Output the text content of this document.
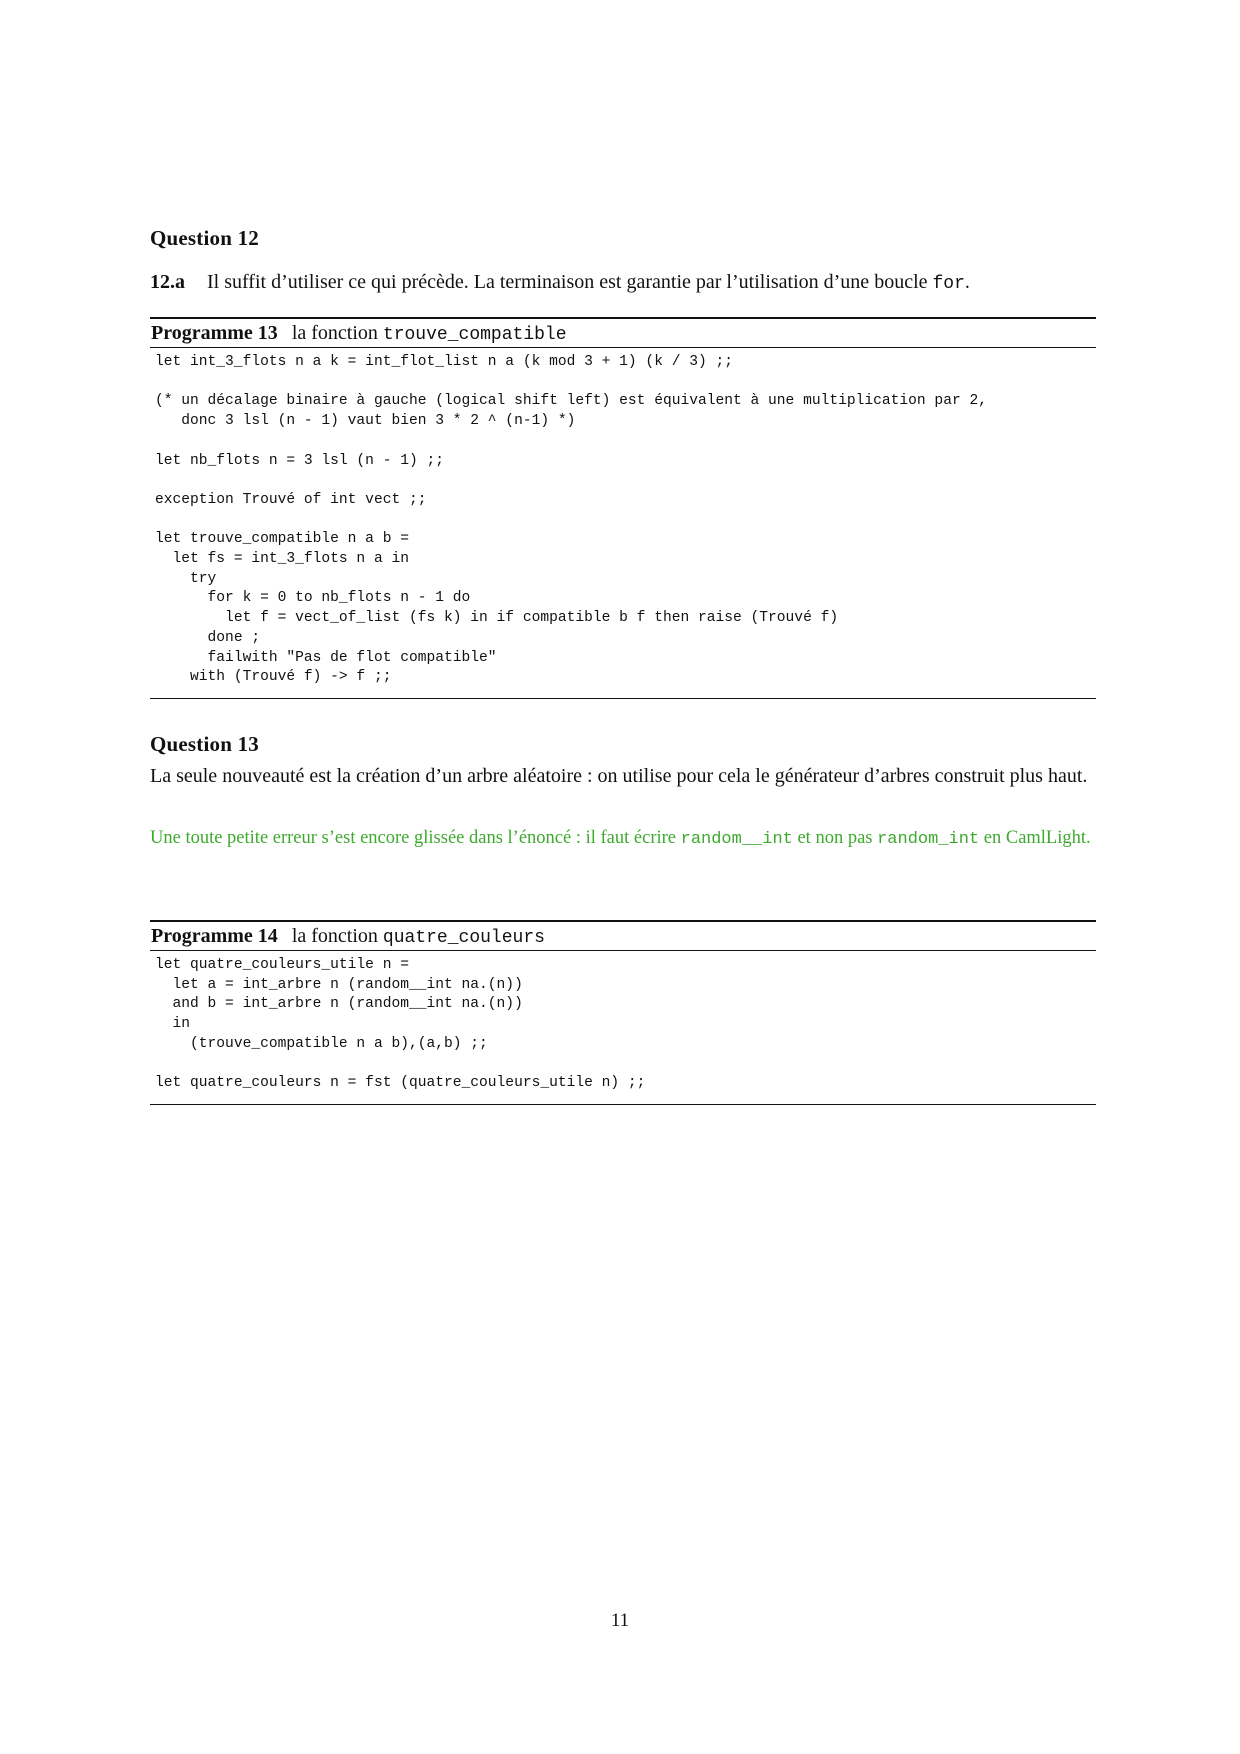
Question 12

12.a Il suffit d’utiliser ce qui précède. La terminaison est garantie par l’utilisation d’une boucle for.

Programme 13 la fonction trouve_compatible
let int_3_flots n a k = int_flot_list n a (k mod 3 + 1) (k / 3) ;;

(* un décalage binaire à gauche (logical shift left) est équivalent à une multiplication par 2,
donc 3 lsl (n - 1) vaut bien 3 * 2 ^ (n-1) *)

let nb_flots n = 3 lsl (n - 1) ;;

exception Trouvé of int vect ;;

let trouve_compatible n a b =
let fs = int_3_flots n a in
try
for k = 0 to nb_flots n - 1 do
let f = vect_of_list (fs k) in if compatible b f then raise (Trouvé f)
done ;
failwith "Pas de flot compatible"
with (Trouvé f) -> f ;;
Question 13

La seule nouveauté est la création d’un arbre aléatoire : on utilise pour cela le générateur d’arbres construit plus haut.

Une toute petite erreur s’est encore glissée dans l’énoncé : il faut écrire random__int et non pas random_int en CamlLight.

Programme 14 la fonction quatre_couleurs
let quatre_couleurs_utile n =
let a = int_arbre n (random__int na.(n))
and b = int_arbre n (random__int na.(n))
in
(trouve_compatible n a b),(a,b) ;;

let quatre_couleurs n = fst (quatre_couleurs_utile n) ;;
11
